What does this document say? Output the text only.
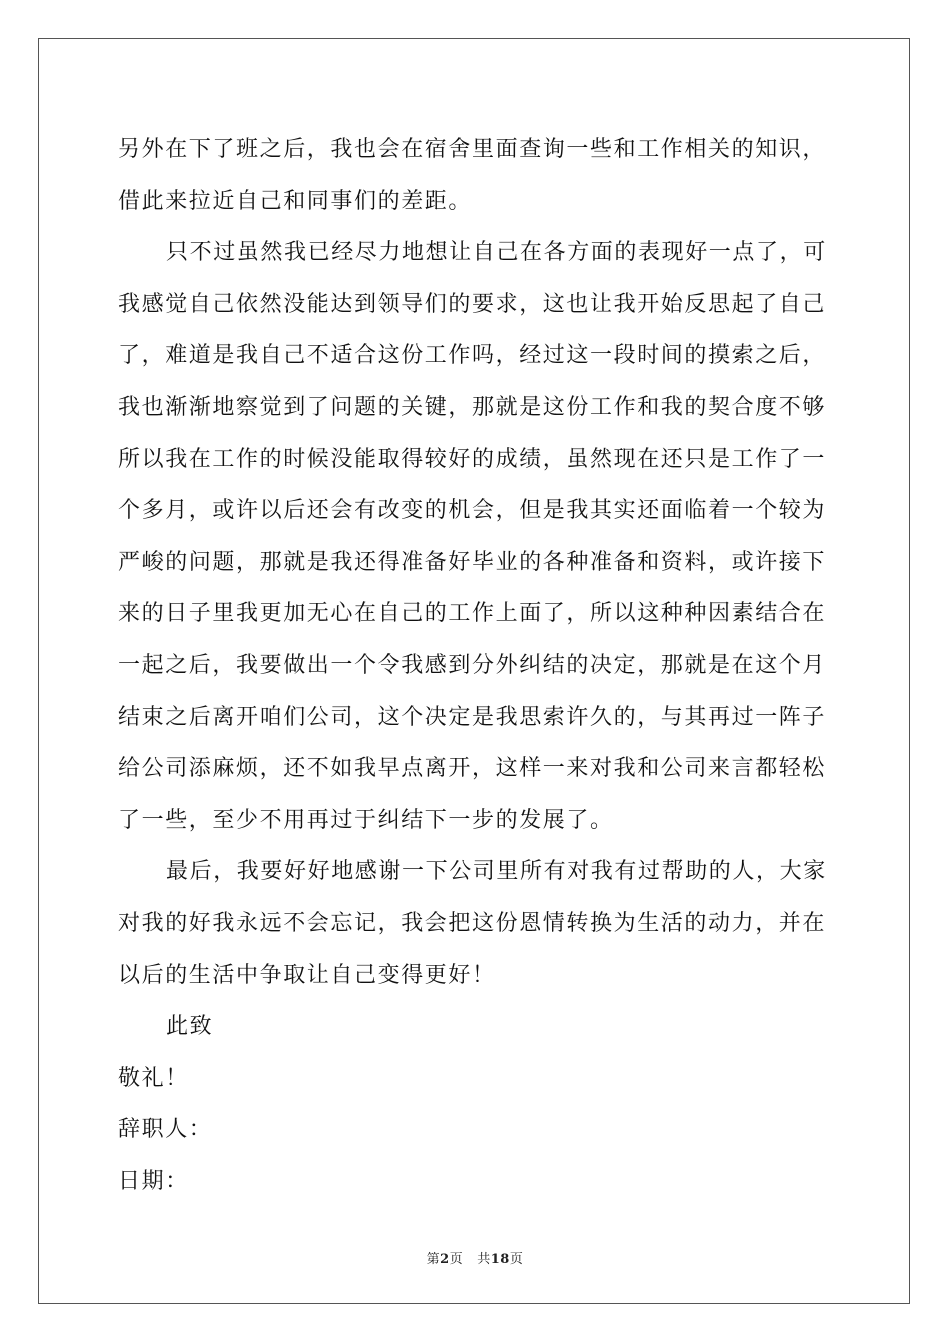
另外在下了班之后，我也会在宿舍里面查询一些和工作相关的知识，
借此来拉近自己和同事们的差距。
只不过虽然我已经尽力地想让自己在各方面的表现好一点了，可
我感觉自己依然没能达到领导们的要求，这也让我开始反思起了自己
了，难道是我自己不适合这份工作吗，经过这一段时间的摸索之后，
我也渐渐地察觉到了问题的关键，那就是这份工作和我的契合度不够
所以我在工作的时候没能取得较好的成绩，虽然现在还只是工作了一
个多月，或许以后还会有改变的机会，但是我其实还面临着一个较为
严峻的问题，那就是我还得准备好毕业的各种准备和资料，或许接下
来的日子里我更加无心在自己的工作上面了，所以这种种因素结合在
一起之后，我要做出一个令我感到分外纠结的决定，那就是在这个月
结束之后离开咱们公司，这个决定是我思索许久的，与其再过一阵子
给公司添麻烦，还不如我早点离开，这样一来对我和公司来言都轻松
了一些，至少不用再过于纠结下一步的发展了。
最后，我要好好地感谢一下公司里所有对我有过帮助的人，大家
对我的好我永远不会忘记，我会把这份恩情转换为生活的动力，并在
以后的生活中争取让自己变得更好！
此致
敬礼！
辞职人：
日期：
第2页 共18页
